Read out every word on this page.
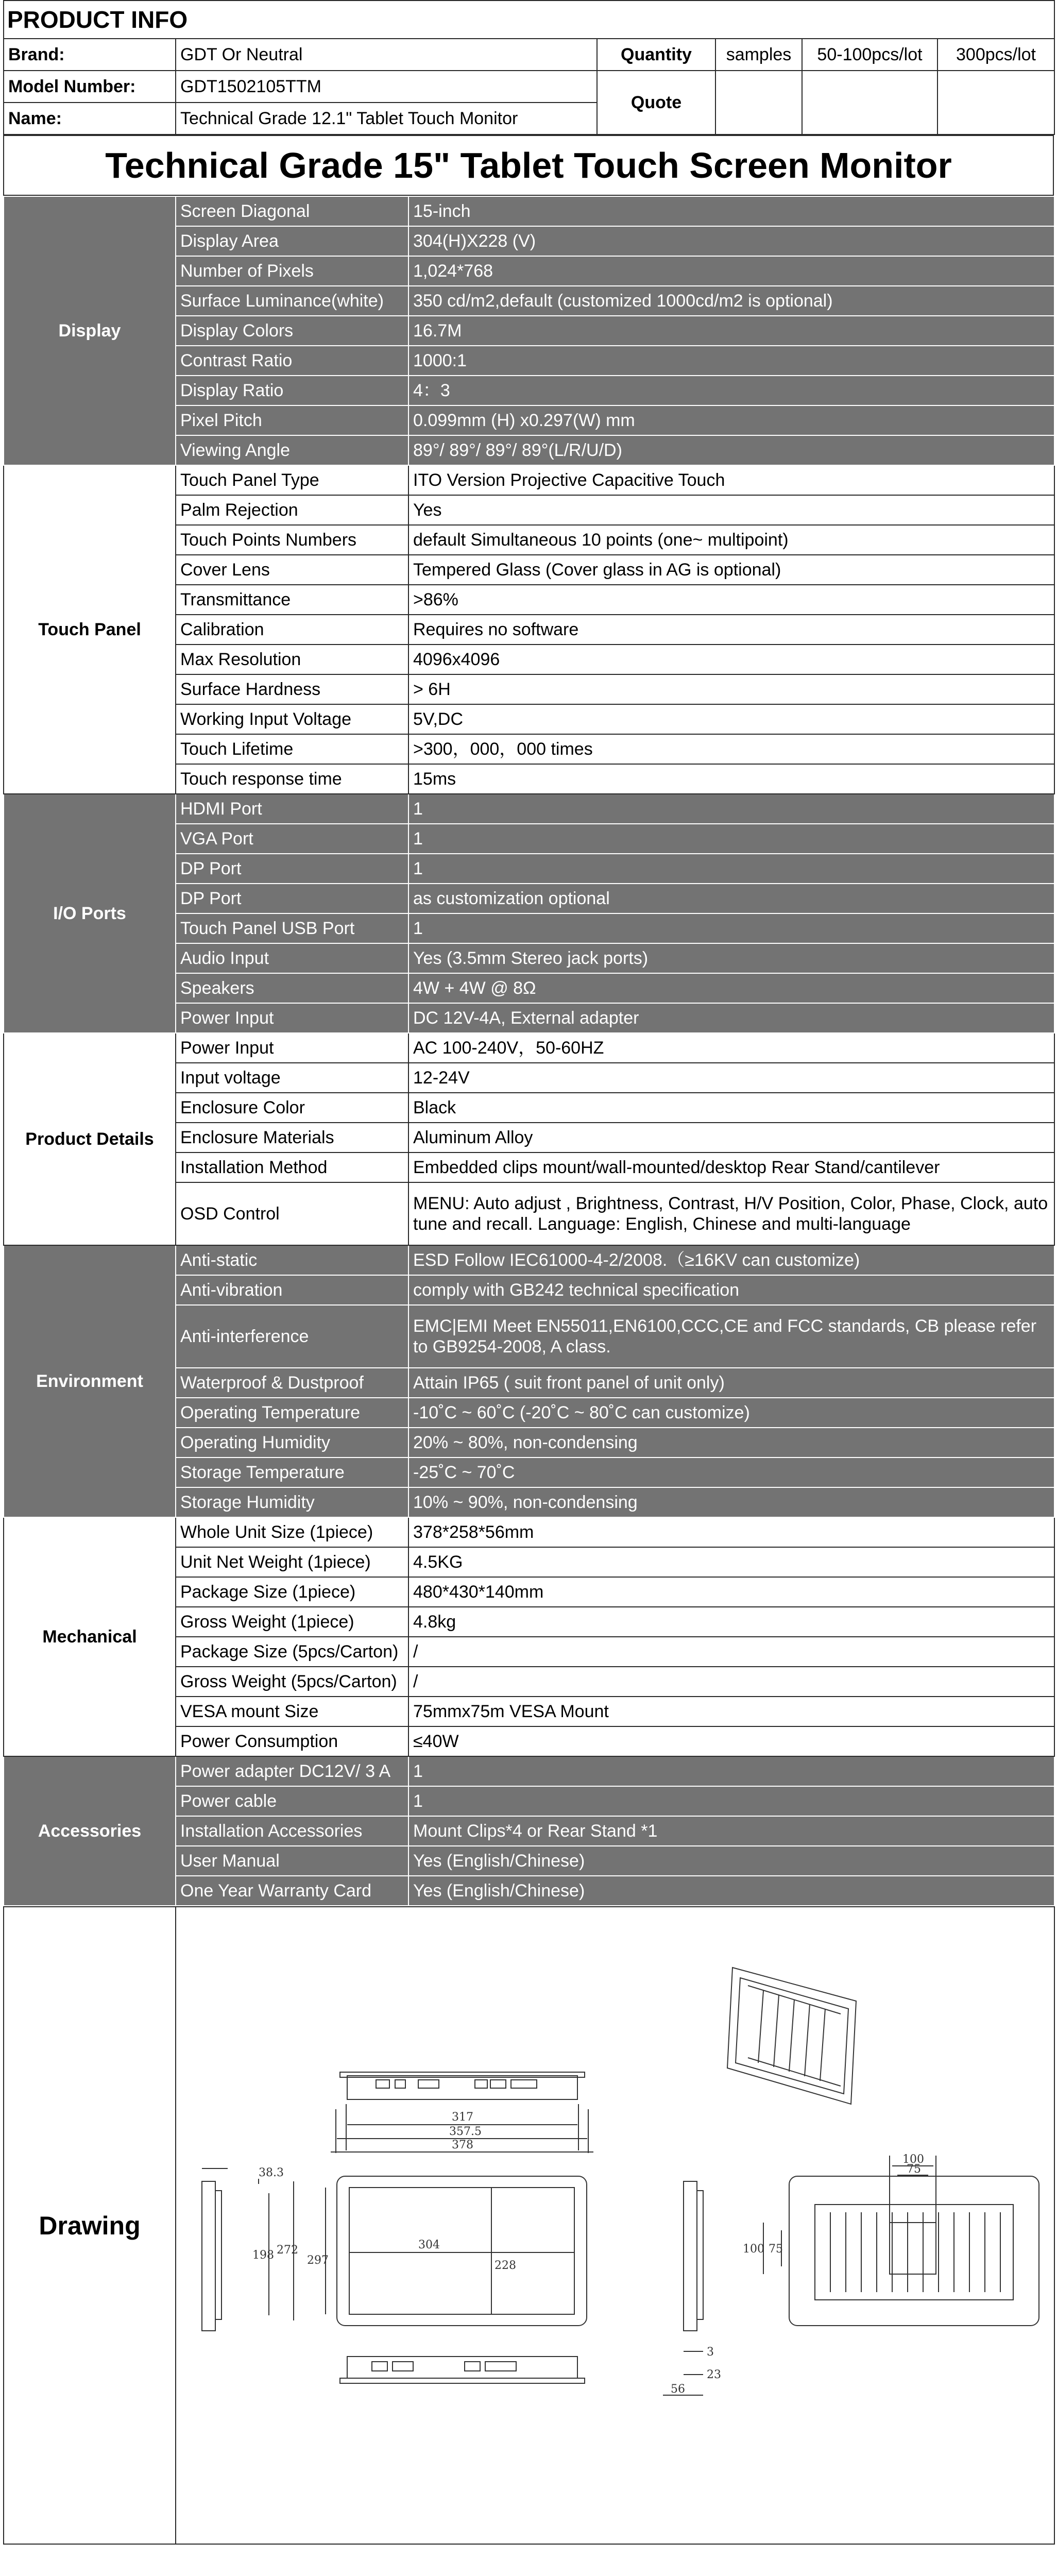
PRODUCT INFO					
Brand:	GDT Or Neutral	Quantity	samples	50-100pcs/lot	300pcs/lot
Model Number:	GDT1502105TTM	Quote			
Name:	Technical Grade 12.1" Tablet Touch Monitor				
Technical Grade 15" Tablet Touch Screen Monitor
Display	Screen Diagonal	15-inch
	Display Area	304(H)X228 (V)
	Number of Pixels	1,024*768
	Surface Luminance(white)	350 cd/m2,default (customized 1000cd/m2 is optional)
	Display Colors	16.7M
	Contrast Ratio	1000:1
	Display Ratio	4：3
	Pixel Pitch	0.099mm (H) x0.297(W) mm
	Viewing Angle	89°/ 89°/ 89°/ 89°(L/R/U/D)
Touch Panel	Touch Panel Type	ITO Version Projective Capacitive Touch
	Palm Rejection	Yes
	Touch Points Numbers	default Simultaneous 10 points (one~ multipoint)
	Cover Lens	Tempered Glass (Cover glass in AG is optional)
	Transmittance	>86%
	Calibration	Requires no software
	Max Resolution	4096x4096
	Surface Hardness	> 6H
	Working Input Voltage	5V,DC
	Touch Lifetime	>300，000，000 times
	Touch response time	15ms
I/O Ports	HDMI Port	1
	VGA Port	1
	DP Port	1
	DP Port	as customization optional
	Touch Panel USB Port	1
	Audio Input	Yes (3.5mm Stereo jack ports)
	Speakers	4W + 4W @ 8Ω
	Power Input	DC 12V-4A, External adapter
Product Details	Power Input	AC 100-240V，50-60HZ
	Input voltage	12-24V
	Enclosure Color	Black
	Enclosure Materials	Aluminum Alloy
	Installation Method	Embedded clips mount/wall-mounted/desktop Rear Stand/cantilever
	OSD Control	MENU: Auto adjust , Brightness, Contrast, H/V Position, Color, Phase, Clock, auto tune and recall. Language: English, Chinese and multi-language
Environment	Anti-static	ESD Follow IEC61000-4-2/2008.（≥16KV can customize)
	Anti-vibration	comply with GB242 technical specification
	Anti-interference	EMC|EMI Meet EN55011,EN6100,CCC,CE and FCC standards, CB please refer to GB9254-2008, A class.
	Waterproof & Dustproof	Attain IP65 ( suit front panel of unit only)
	Operating Temperature	-10˚C ~ 60˚C (-20˚C ~ 80˚C can customize)
	Operating Humidity	20% ~ 80%, non-condensing
	Storage Temperature	-25˚C ~ 70˚C
	Storage Humidity	10% ~ 90%, non-condensing
Mechanical	Whole Unit Size (1piece)	378*258*56mm
	Unit Net Weight (1piece)	4.5KG
	Package Size (1piece)	480*430*140mm
	Gross Weight (1piece)	4.8kg
	Package Size (5pcs/Carton)	/
	Gross Weight (5pcs/Carton)	/
	VESA mount Size	75mmx75m VESA Mount
	Power Consumption	≤40W
Accessories	Power adapter DC12V/ 3 A	1
	Power cable	1
	Installation Accessories	Mount Clips*4 or Rear Stand *1
	User Manual	Yes (English/Chinese)
	One Year Warranty Card	Yes (English/Chinese)
Drawing	
317
357.5
378
38.3
198 272
297
304
228
100
75
100 75
3
23
56
